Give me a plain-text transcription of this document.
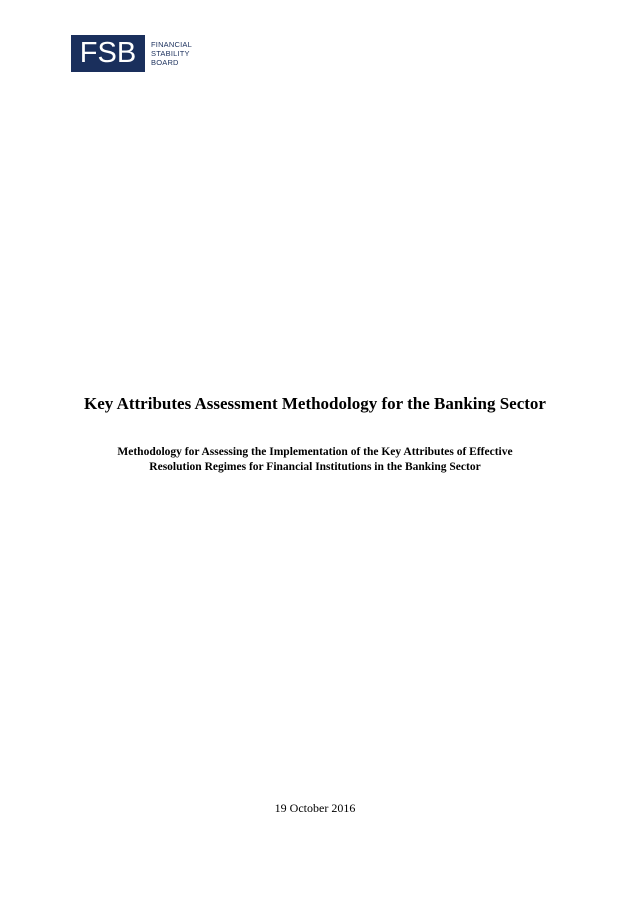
FSB	FINANCIAL
STABILITY
BOARD
Key Attributes Assessment Methodology for the Banking Sector
Methodology for Assessing the Implementation of the Key Attributes of Effective
Resolution Regimes for Financial Institutions in the Banking Sector
19 October 2016
